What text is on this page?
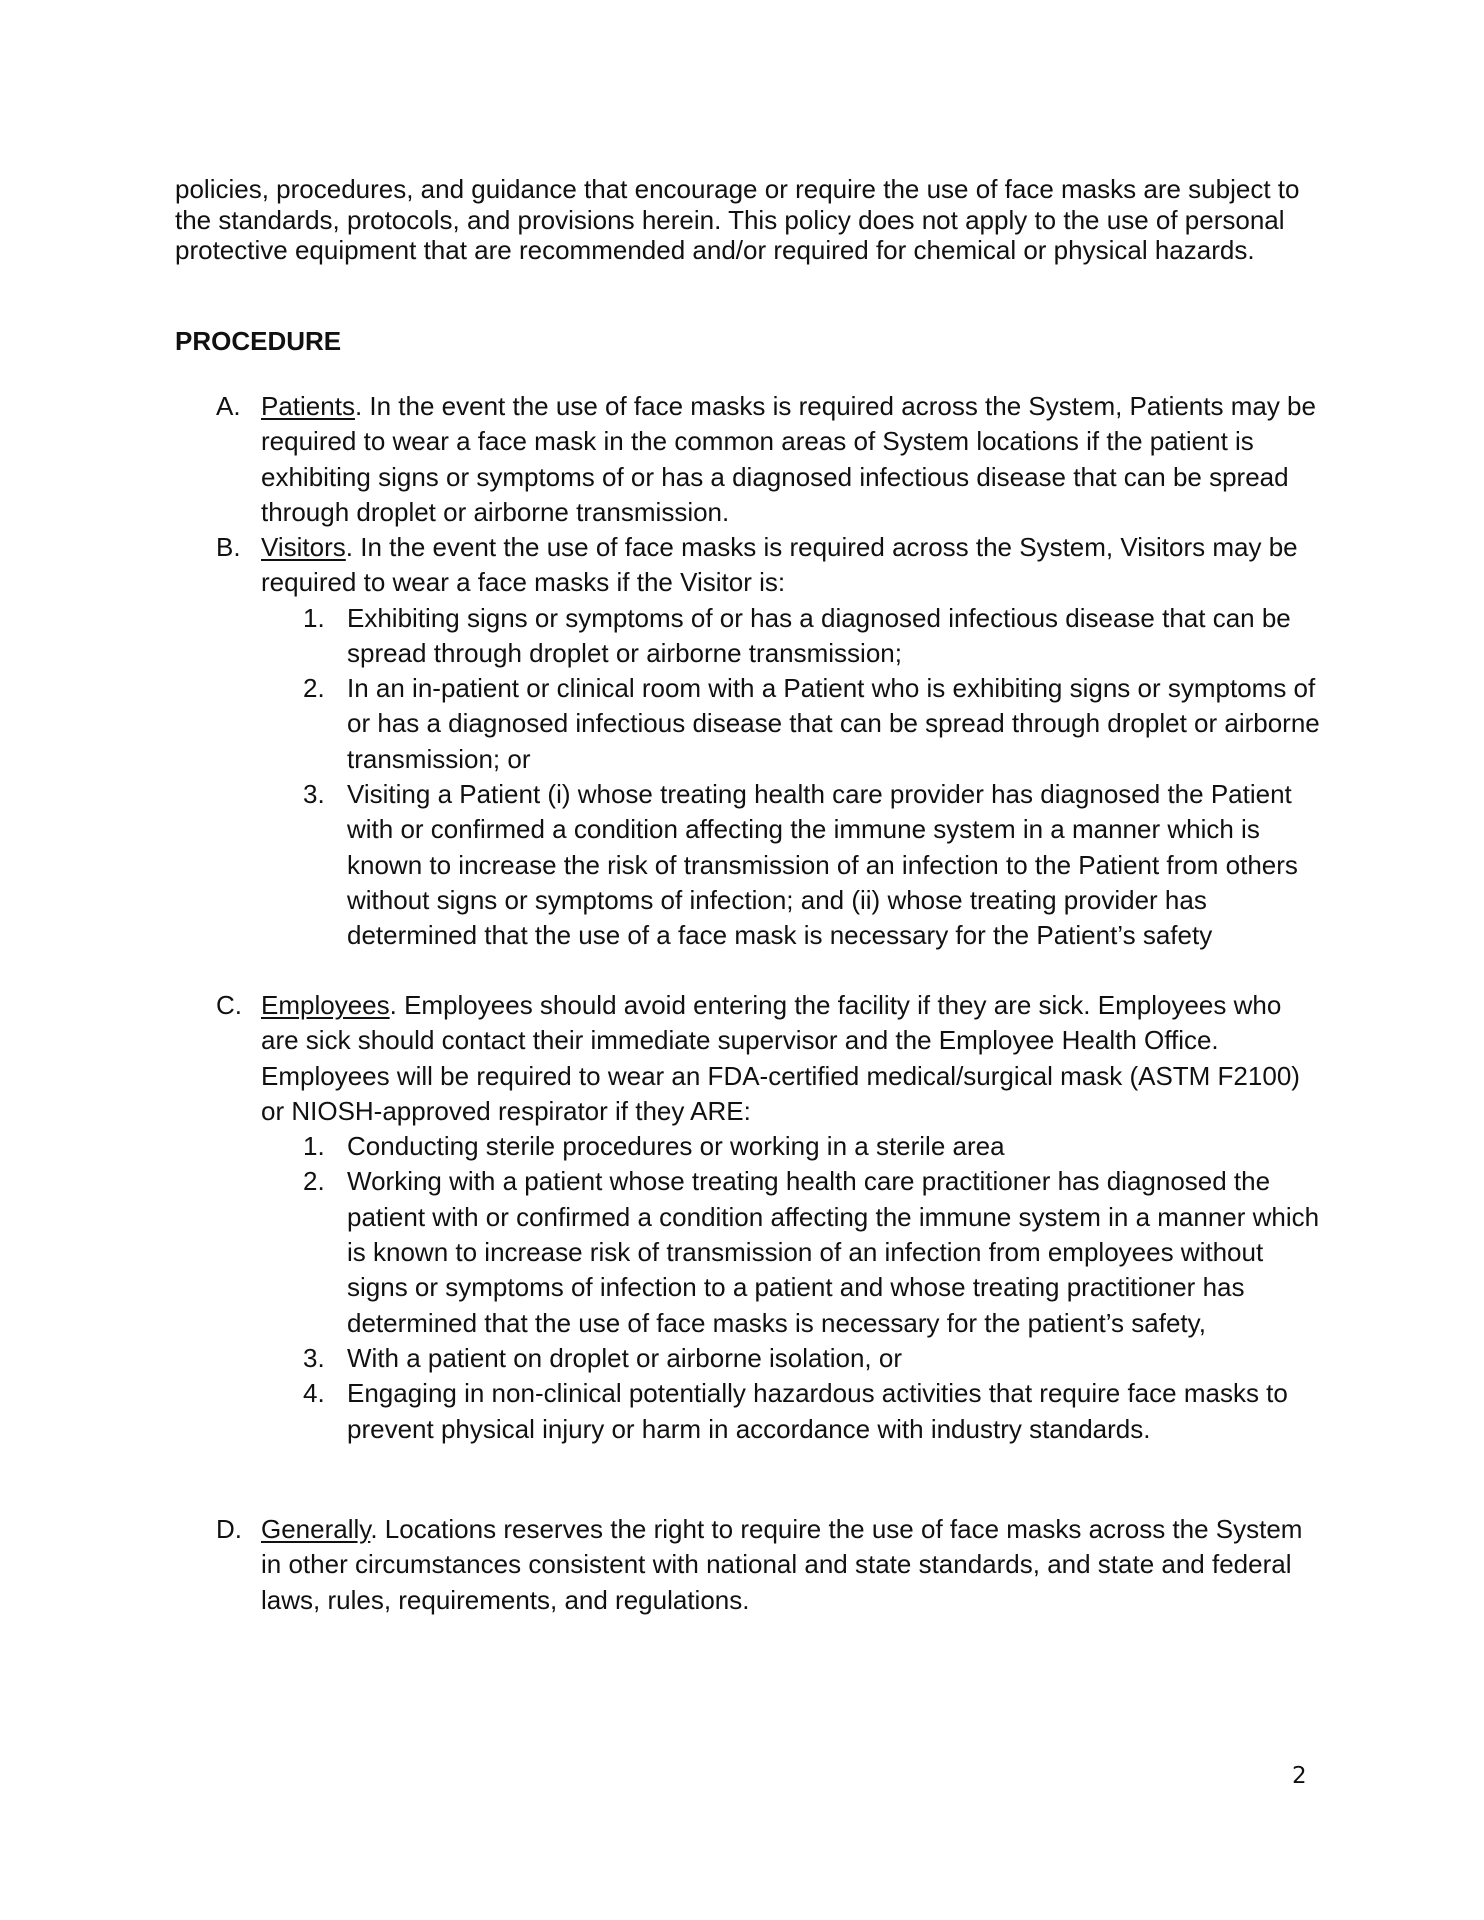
policies, procedures, and guidance that encourage or require the use of face masks are subject to the standards, protocols, and provisions herein. This policy does not apply to the use of personal protective equipment that are recommended and/or required for chemical or physical hazards.

PROCEDURE

A. Patients. In the event the use of face masks is required across the System, Patients may be required to wear a face mask in the common areas of System locations if the patient is exhibiting signs or symptoms of or has a diagnosed infectious disease that can be spread through droplet or airborne transmission.
B. Visitors. In the event the use of face masks is required across the System, Visitors may be required to wear a face masks if the Visitor is:
1. Exhibiting signs or symptoms of or has a diagnosed infectious disease that can be spread through droplet or airborne transmission;
2. In an in-patient or clinical room with a Patient who is exhibiting signs or symptoms of or has a diagnosed infectious disease that can be spread through droplet or airborne transmission; or
3. Visiting a Patient (i) whose treating health care provider has diagnosed the Patient with or confirmed a condition affecting the immune system in a manner which is known to increase the risk of transmission of an infection to the Patient from others without signs or symptoms of infection; and (ii) whose treating provider has determined that the use of a face mask is necessary for the Patient’s safety
C. Employees. Employees should avoid entering the facility if they are sick. Employees who are sick should contact their immediate supervisor and the Employee Health Office. Employees will be required to wear an FDA-certified medical/surgical mask (ASTM F2100) or NIOSH-approved respirator if they ARE:
1. Conducting sterile procedures or working in a sterile area
2. Working with a patient whose treating health care practitioner has diagnosed the patient with or confirmed a condition affecting the immune system in a manner which is known to increase risk of transmission of an infection from employees without signs or symptoms of infection to a patient and whose treating practitioner has determined that the use of face masks is necessary for the patient’s safety,
3. With a patient on droplet or airborne isolation, or
4. Engaging in non-clinical potentially hazardous activities that require face masks to prevent physical injury or harm in accordance with industry standards.
D. Generally. Locations reserves the right to require the use of face masks across the System in other circumstances consistent with national and state standards, and state and federal laws, rules, requirements, and regulations.

2
